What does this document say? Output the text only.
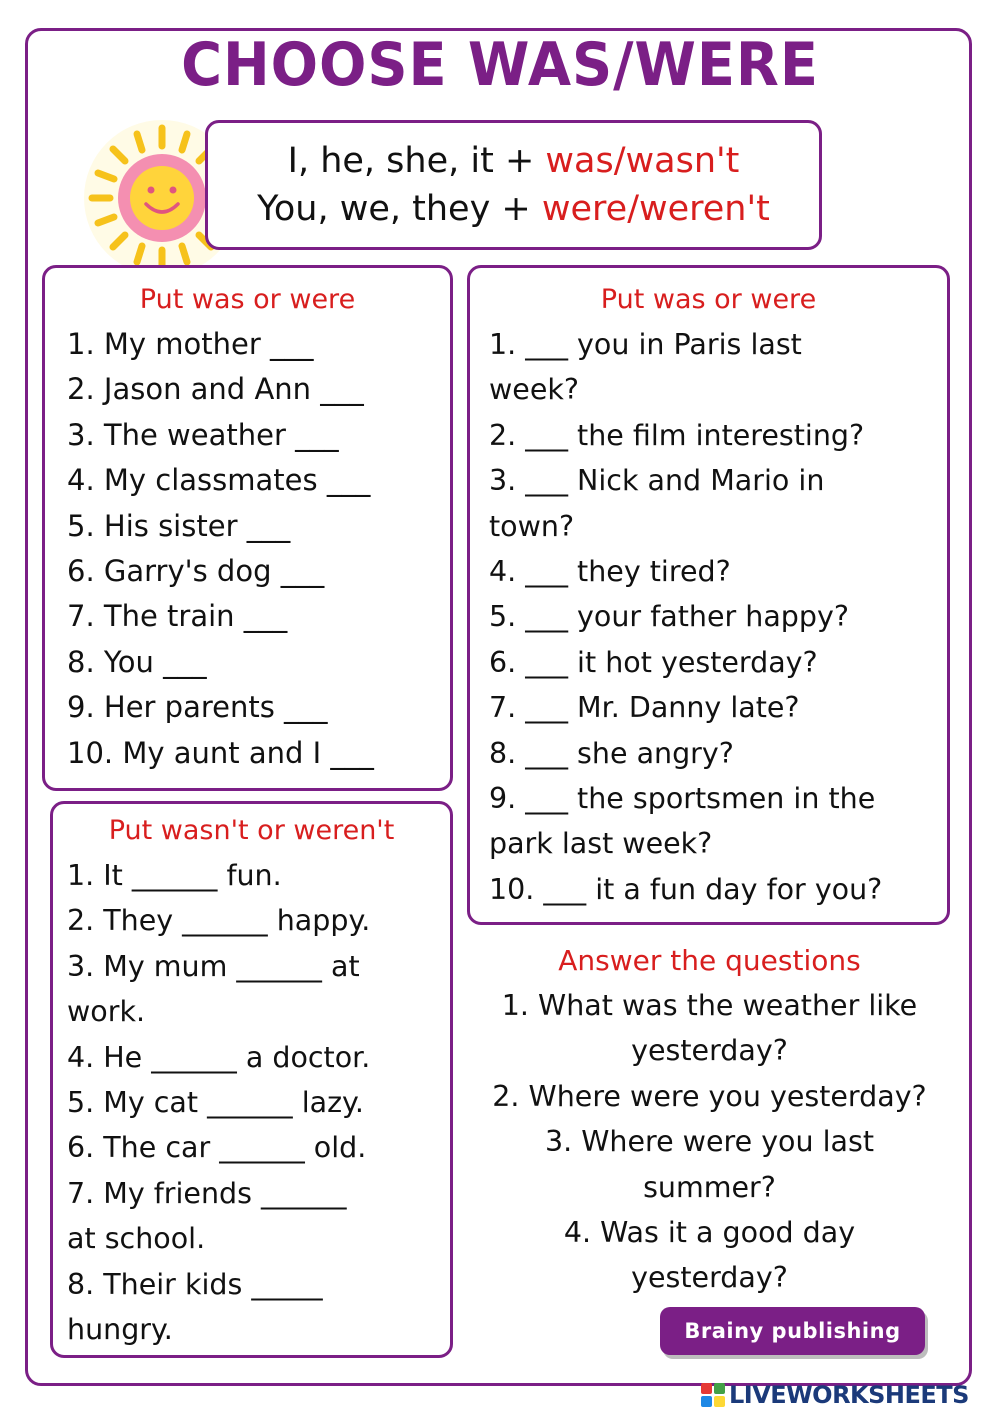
CHOOSE WAS/WERE
I, he, she, it + was/wasn't
You, we, they + were/weren't
Put was or were
1. My mother ___
2. Jason and Ann ___
3. The weather ___
4. My classmates ___
5. His sister ___
6. Garry's dog ___
7. The train ___
8. You ___
9. Her parents ___
10. My aunt and I ___
Put was or were
1. ___ you in Paris last
week?
2. ___ the film interesting?
3. ___ Nick and Mario in
town?
4. ___ they tired?
5. ___ your father happy?
6. ___ it hot yesterday?
7. ___ Mr. Danny late?
8. ___ she angry?
9. ___ the sportsmen in the
park last week?
10. ___ it a fun day for you?
Put wasn't or weren't
1. It ______ fun.
2. They ______ happy.
3. My mum ______ at
work.
4. He ______ a doctor.
5. My cat ______ lazy.
6. The car ______ old.
7. My friends ______
at school.
8. Their kids _____
hungry.
Answer the questions
1. What was the weather like
yesterday?
2. Where were you yesterday?
3. Where were you last
summer?
4. Was it a good day
yesterday?
Brainy publishing
LIVEWORKSHEETS
